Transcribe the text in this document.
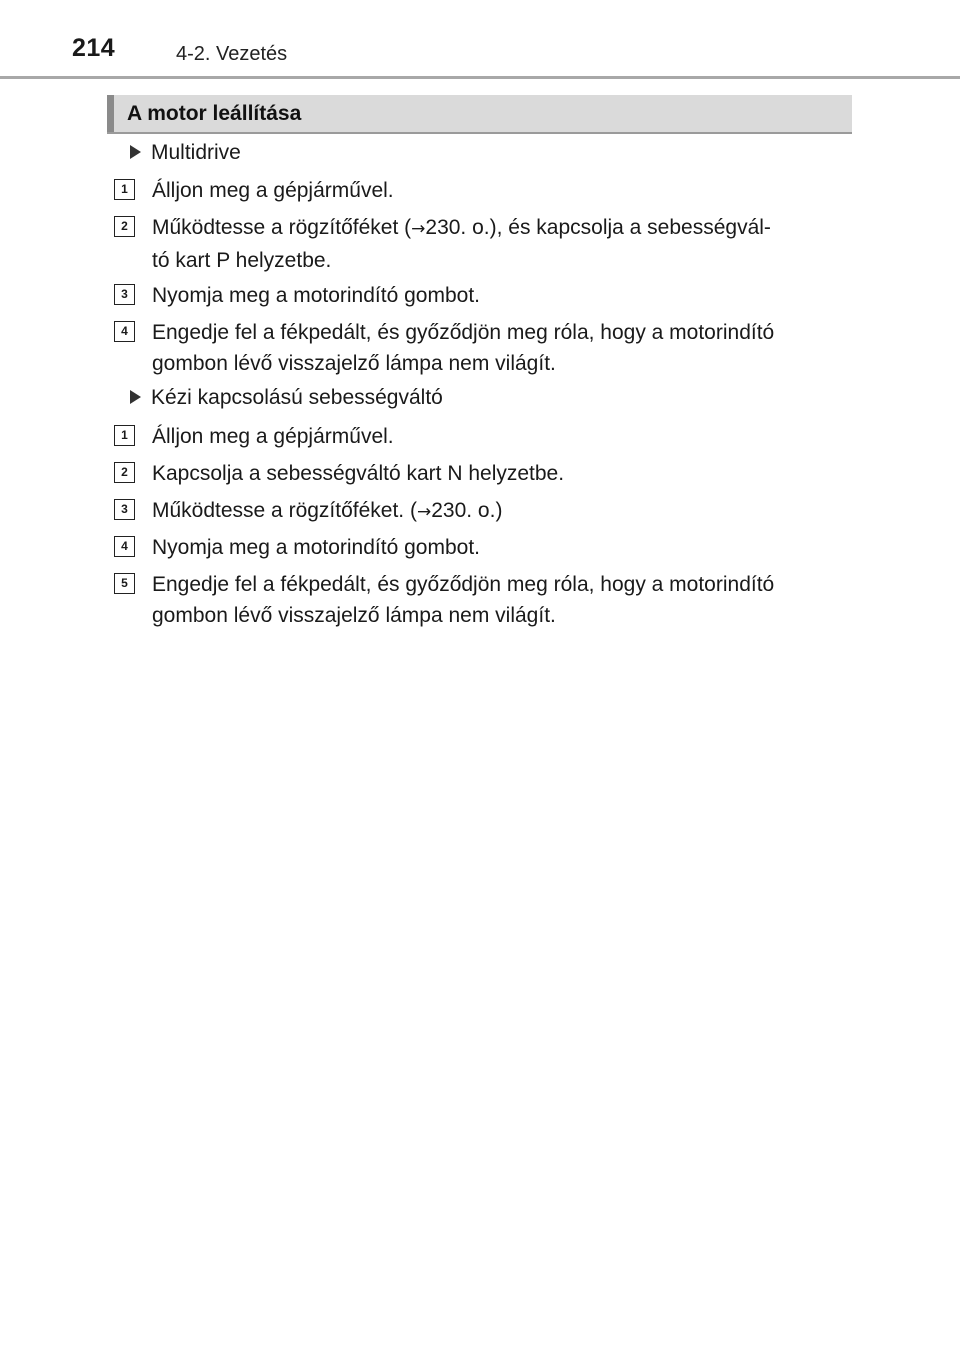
214	4-2. Vezetés
A motor leállítása
Multidrive
1	Álljon meg a gépjárművel.
2	Működtesse a rögzítőféket (→230. o.), és kapcsolja a sebességvál-
tó kart P helyzetbe.
3	Nyomja meg a motorindító gombot.
4	Engedje fel a fékpedált, és győződjön meg róla, hogy a motorindító
gombon lévő visszajelző lámpa nem világít.
Kézi kapcsolású sebességváltó
1	Álljon meg a gépjárművel.
2	Kapcsolja a sebességváltó kart N helyzetbe.
3	Működtesse a rögzítőféket. (→230. o.)
4	Nyomja meg a motorindító gombot.
5	Engedje fel a fékpedált, és győződjön meg róla, hogy a motorindító
gombon lévő visszajelző lámpa nem világít.
